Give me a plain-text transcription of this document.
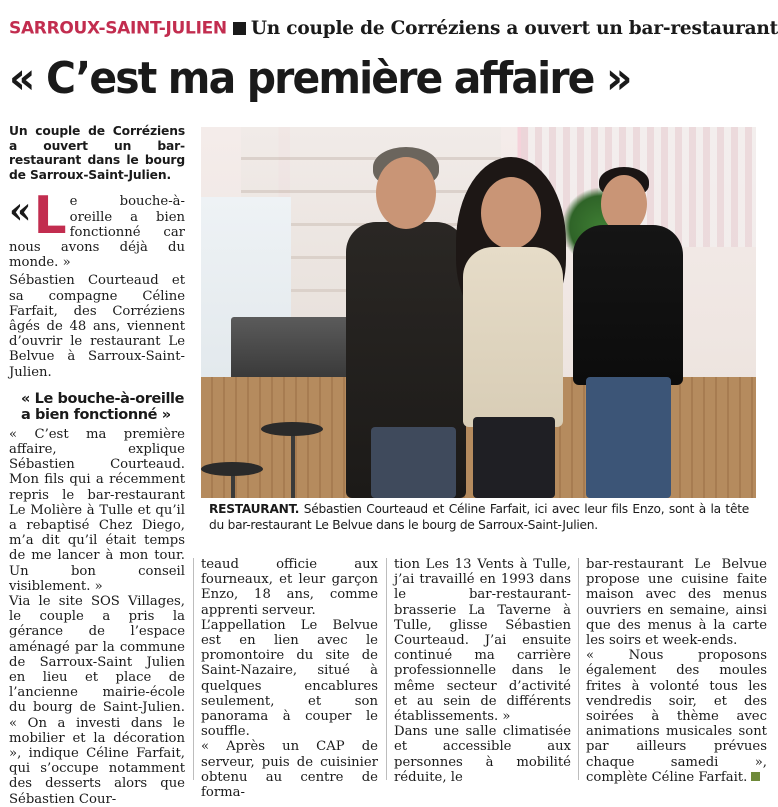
SARROUX-SAINT-JULIEN Un couple de Corréziens a ouvert un bar-restaurant
« C’est ma première affaire »

Un couple de Corréziens a ouvert un bar-restaurant dans le bourg de Sarroux-Saint-Julien.

« L e bouche-à-oreille a bien fonctionné car nous avons déjà du monde. »

Sébastien Courteaud et sa compagne Céline Farfait, des Corréziens âgés de 48 ans, viennent d’ouvrir le restaurant Le Belvue à Sarroux-Saint-Julien.

« Le bouche-à-oreille a bien fonctionné »

« C’est ma première affaire, explique Sébastien Courteaud. Mon fils qui a récemment repris le bar-restaurant Le Molière à Tulle et qu’il a rebaptisé Chez Diego, m’a dit qu’il était temps de me lancer à mon tour. Un bon conseil visiblement. »

Via le site SOS Villages, le couple a pris la gérance de l’espace aménagé par la commune de Sarroux-Saint Julien en lieu et place de l’ancienne mairie-école du bourg de Saint-Julien. « On a investi dans le mobilier et la décoration », indique Céline Farfait, qui s’occupe notamment des desserts alors que Sébastien Cour-

RESTAURANT. Sébastien Courteaud et Céline Farfait, ici avec leur fils Enzo, sont à la tête du bar-restaurant Le Belvue dans le bourg de Sarroux-Saint-Julien.

teaud officie aux fourneaux, et leur garçon Enzo, 18 ans, comme apprenti serveur.

L’appellation Le Belvue est en lien avec le promontoire du site de Saint-Nazaire, situé à quelques encablures seulement, et son panorama à couper le souffle.

« Après un CAP de serveur, puis de cuisinier obtenu au centre de forma-

tion Les 13 Vents à Tulle, j’ai travaillé en 1993 dans le bar-restaurant-brasserie La Taverne à Tulle, glisse Sébastien Courteaud. J’ai ensuite continué ma carrière professionnelle dans le même secteur d’activité et au sein de différents établissements. »

Dans une salle climatisée et accessible aux personnes à mobilité réduite, le

bar-restaurant Le Belvue propose une cuisine faite maison avec des menus ouvriers en semaine, ainsi que des menus à la carte les soirs et week-ends.

« Nous proposons également des moules frites à volonté tous les vendredis soir, et des soirées à thème avec animations musicales sont par ailleurs prévues chaque samedi », complète Céline Farfait.
